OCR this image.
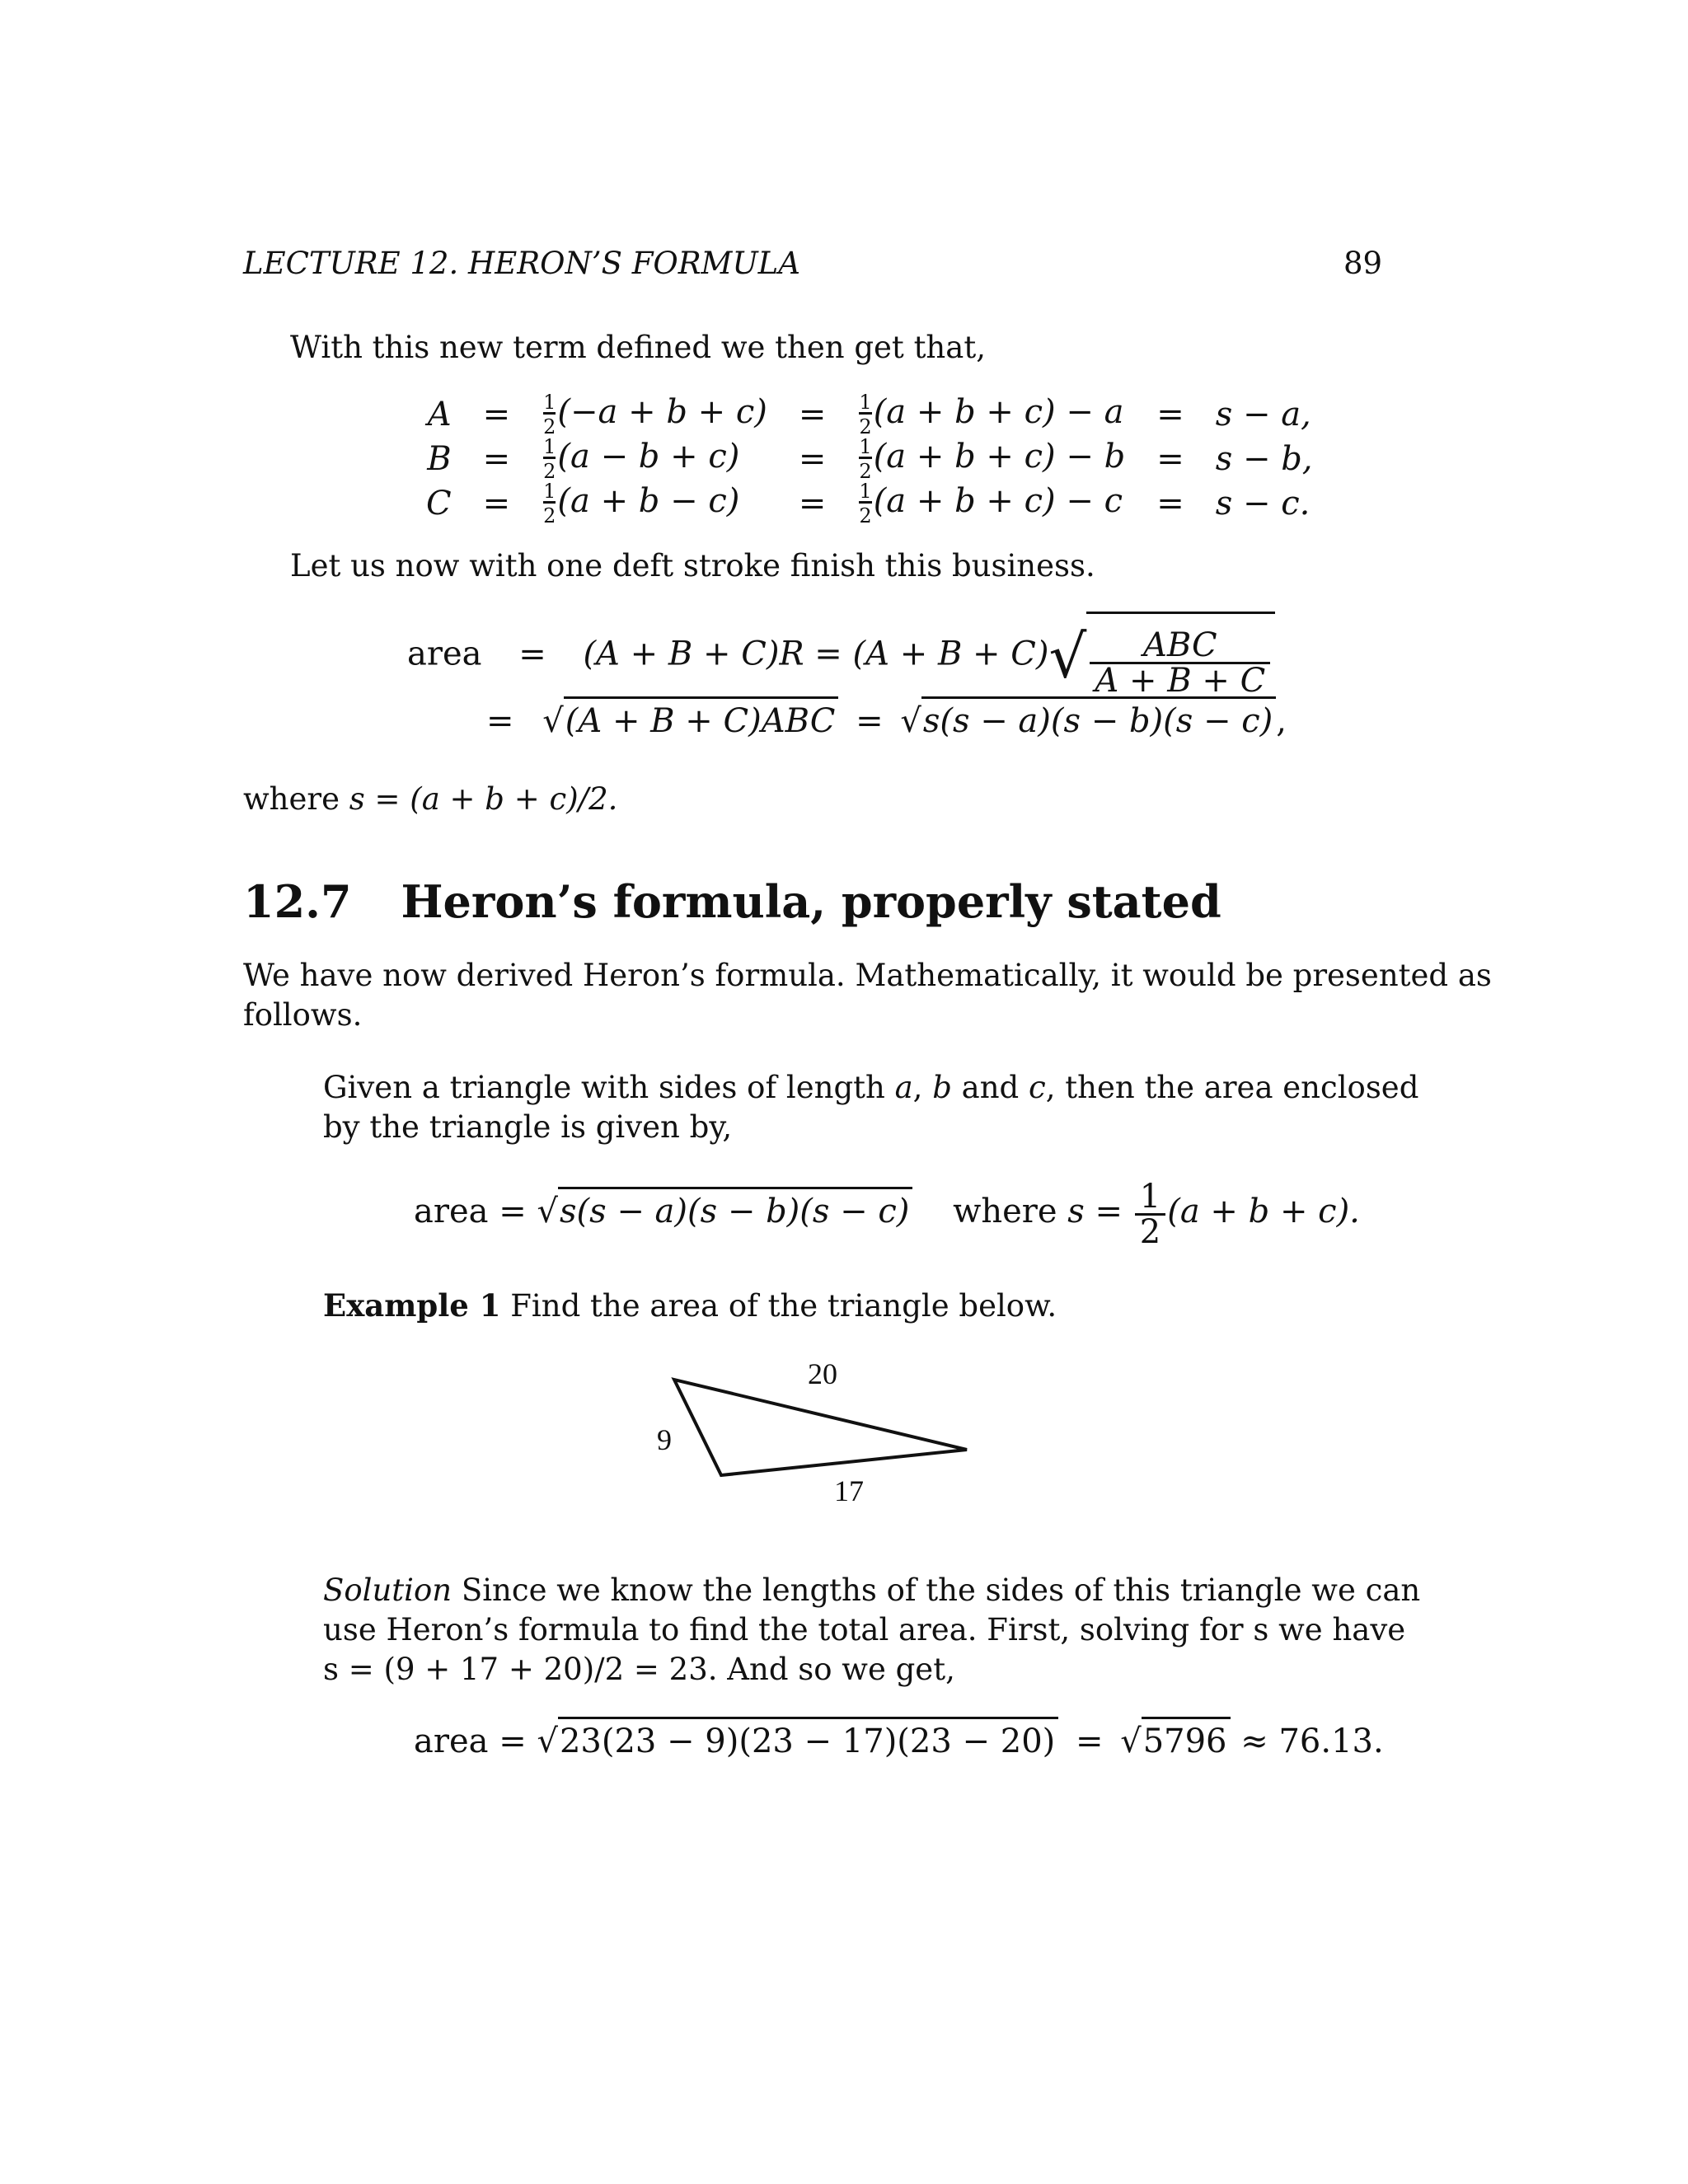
LECTURE 12. HERON’S FORMULA	89
With this new term defined we then get that,
A	=	$\frac{1}{2} (-a + b + c)$	=	$\frac{1}{2} (a + b + c) - a$	=	s − a,
B	=	$\frac{1}{2} (a - b + c)$	=	$\frac{1}{2} (a + b + c) - b$	=	s − b,
C	=	$\frac{1}{2} (a + b - c)$	=	$\frac{1}{2} (a + b + c) - c$	=	s − c.
Let us now with one deft stroke finish this business.
area = $(A + B + C)R = (A + B + C)√ \frac{\text{ABC}}{A + B + C}$
= √(A + B + C)ABC = √s(s − a)(s − b)(s − c) ,
where s = (a + b + c)/2.
12.7 Heron’s formula, properly stated
We have now derived Heron’s formula. Mathematically, it would be presented as
follows.
Given a triangle with sides of length a, b and c, then the area enclosed
by the triangle is given by,
area = √s(s − a)(s − b)(s − c) where $s = \frac{1}{2} (a + b + c)$.
Example 1 Find the area of the triangle below.
20
9
17
Solution Since we know the lengths of the sides of this triangle we can
use Heron’s formula to find the total area. First, solving for s we have
s = (9 + 17 + 20)/2 = 23. And so we get,
area = √23(23 − 9)(23 − 17)(23 − 20) = √5796 ≈ 76.13.
